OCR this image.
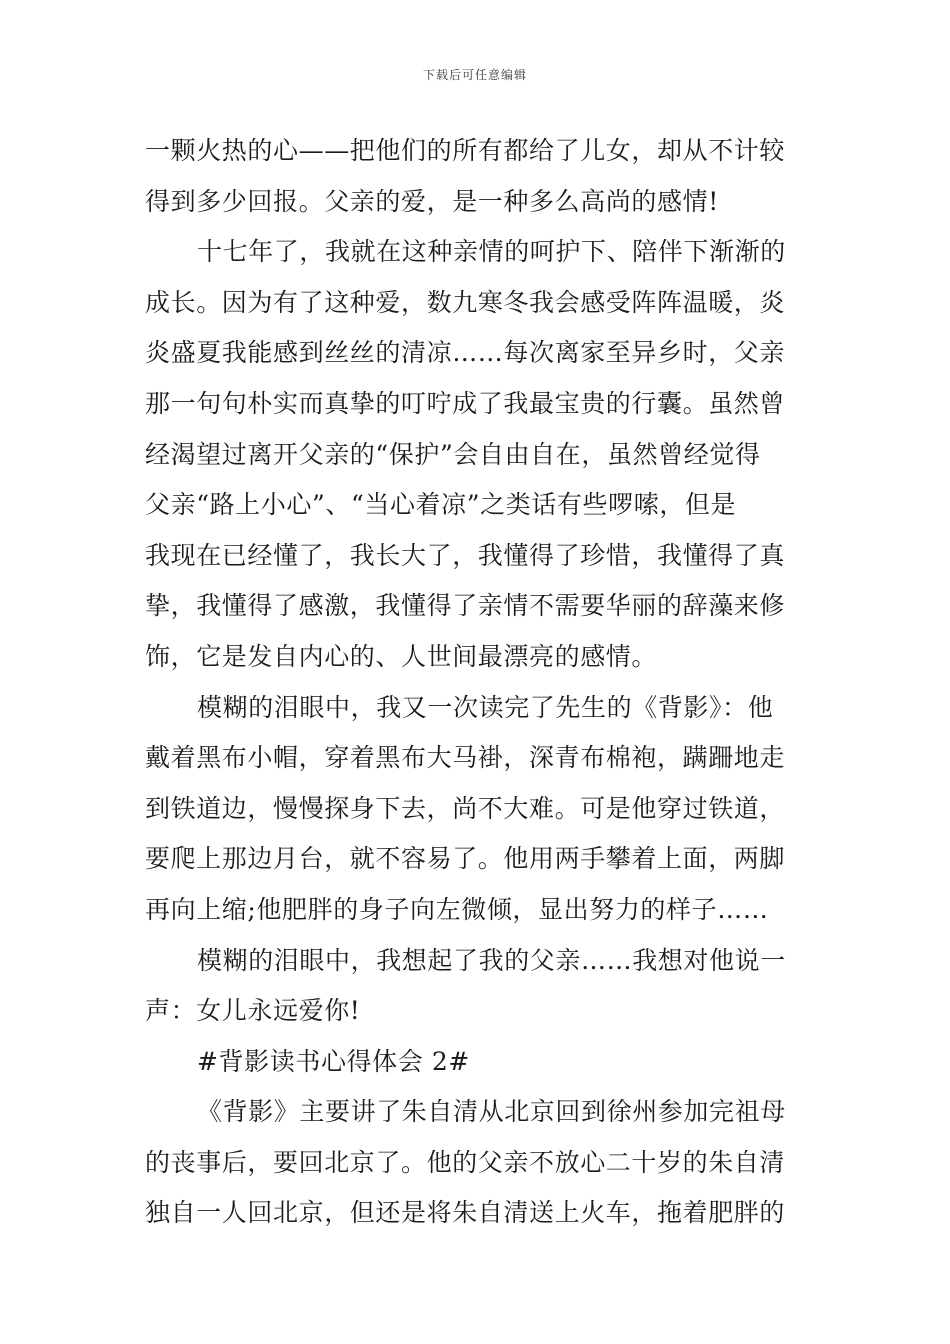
下载后可任意编辑
一颗火热的心——把他们的所有都给了儿女，却从不计较
得到多少回报。父亲的爱，是一种多么高尚的感情!
十七年了，我就在这种亲情的呵护下、陪伴下渐渐的
成长。因为有了这种爱，数九寒冬我会感受阵阵温暖，炎
炎盛夏我能感到丝丝的清凉……每次离家至异乡时，父亲
那一句句朴实而真挚的叮咛成了我最宝贵的行囊。虽然曾
经渴望过离开父亲的“保护”会自由自在，虽然曾经觉得
父亲“路上小心”、“当心着凉”之类话有些啰嗦，但是
我现在已经懂了，我长大了，我懂得了珍惜，我懂得了真
挚，我懂得了感激，我懂得了亲情不需要华丽的辞藻来修
饰，它是发自内心的、人世间最漂亮的感情。
模糊的泪眼中，我又一次读完了先生的《背影》：他
戴着黑布小帽，穿着黑布大马褂，深青布棉袍，蹒跚地走
到铁道边，慢慢探身下去，尚不大难。可是他穿过铁道，
要爬上那边月台，就不容易了。他用两手攀着上面，两脚
再向上缩;他肥胖的身子向左微倾，显出努力的样子……
模糊的泪眼中，我想起了我的父亲……我想对他说一
声：女儿永远爱你!
#背影读书心得体会 2#
《背影》主要讲了朱自清从北京回到徐州参加完祖母
的丧事后，要回北京了。他的父亲不放心二十岁的朱自清
独自一人回北京，但还是将朱自清送上火车，拖着肥胖的
